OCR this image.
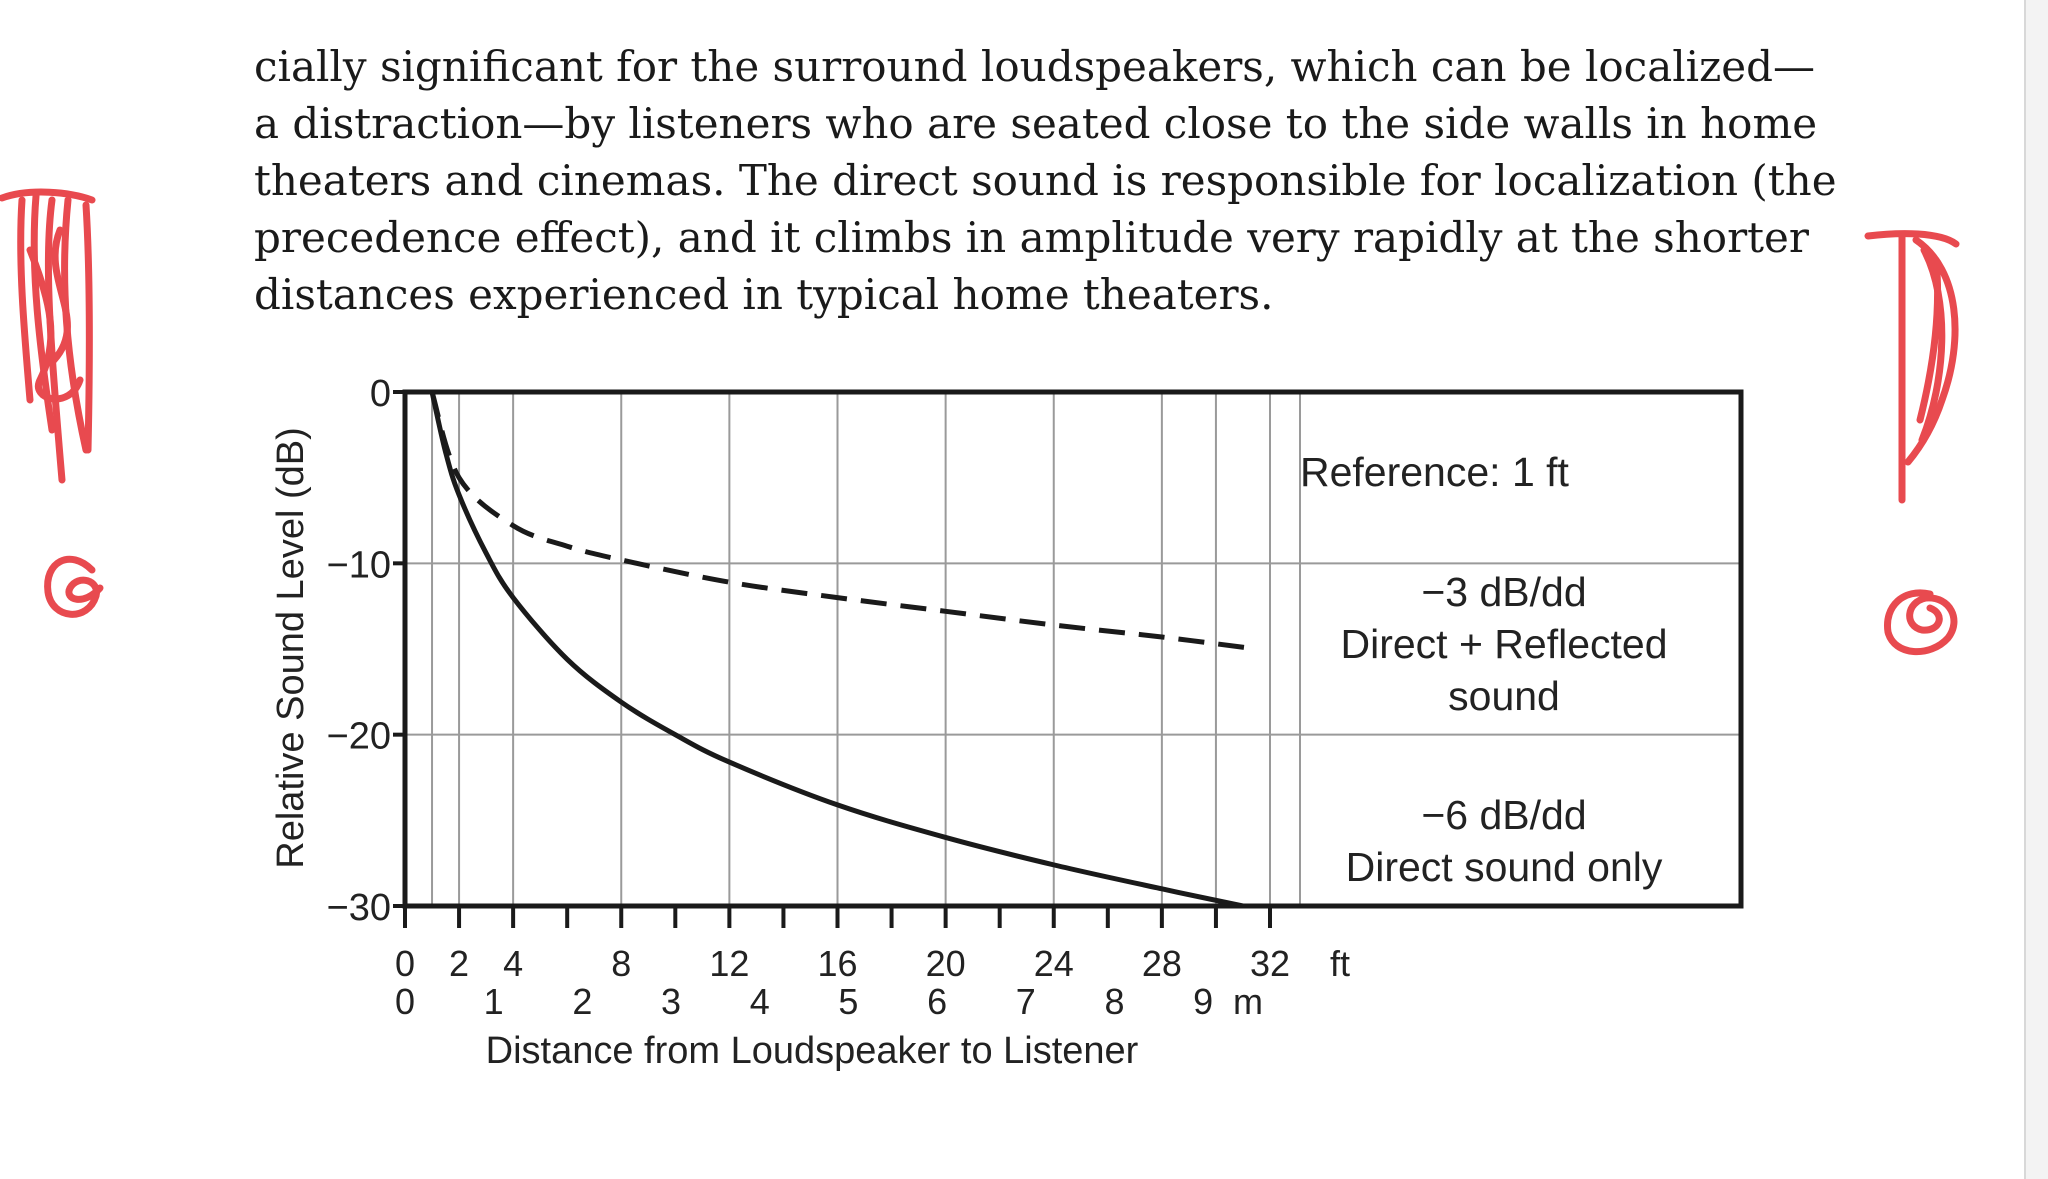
cially significant for the surround loudspeakers, which can be localized—
a distraction—by listeners who are seated close to the side walls in home
theaters and cinemas. The direct sound is responsible for localization (the
precedence effect), and it climbs in amplitude very rapidly at the shorter
distances experienced in typical home theaters.
0
−10
−20
−30
0 2 4 8 12 16 20 24 28 32
0 1 2 3 4 5 6 7 8 9
Relative Sound Level (dB)
Distance from Loudspeaker to Listener
Reference: 1 ft
−3 dB/dd
Direct + Reflected
sound
−6 dB/dd
Direct sound only
ft
m
